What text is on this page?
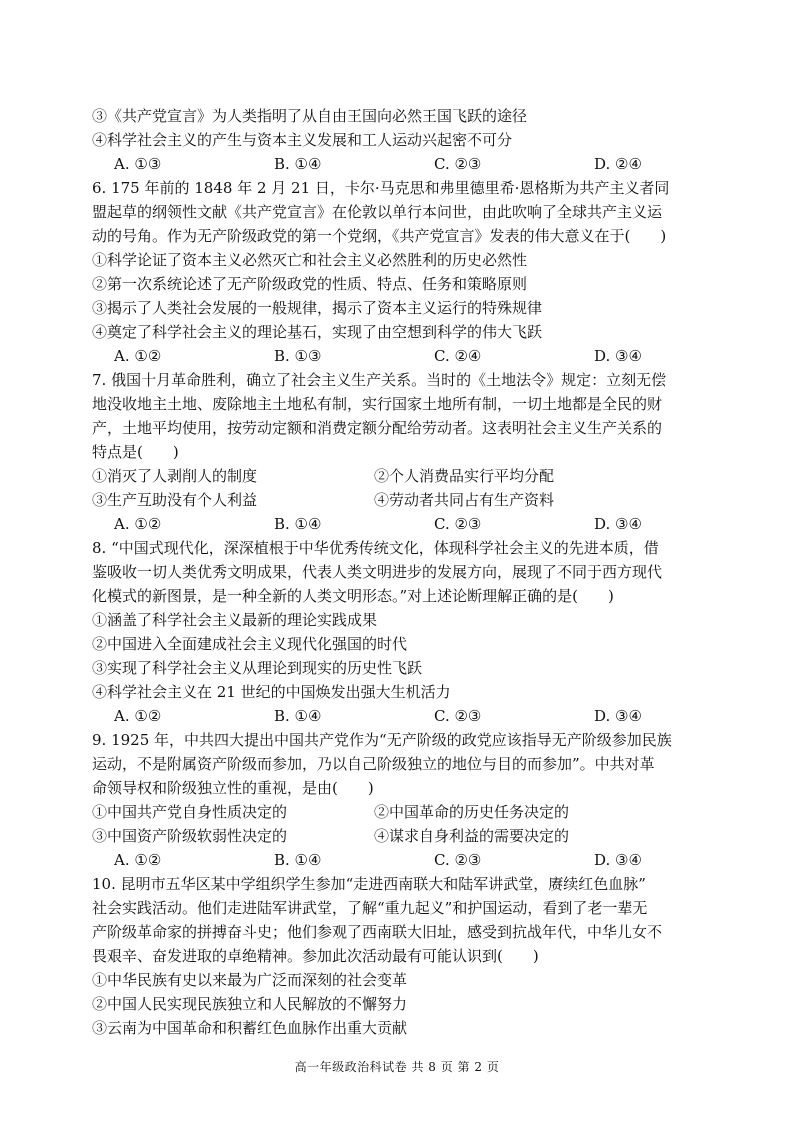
③《共产党宣言》为人类指明了从自由王国向必然王国飞跃的途径
④科学社会主义的产生与资本主义发展和工人运动兴起密不可分
A. ①③	B. ①④	C. ②③	D. ②④
6. 175 年前的 1848 年 2 月 21 日，卡尔·马克思和弗里德里希·恩格斯为共产主义者同
盟起草的纲领性文献《共产党宣言》在伦敦以单行本问世，由此吹响了全球共产主义运
动的号角。作为无产阶级政党的第一个党纲，《共产党宣言》发表的伟大意义在于(　　)
①科学论证了资本主义必然灭亡和社会主义必然胜利的历史必然性
②第一次系统论述了无产阶级政党的性质、特点、任务和策略原则
③揭示了人类社会发展的一般规律，揭示了资本主义运行的特殊规律
④奠定了科学社会主义的理论基石，实现了由空想到科学的伟大飞跃
A. ①②	B. ①③	C. ②④	D. ③④
7. 俄国十月革命胜利，确立了社会主义生产关系。当时的《土地法令》规定：立刻无偿
地没收地主土地、废除地主土地私有制，实行国家土地所有制，一切土地都是全民的财
产，土地平均使用，按劳动定额和消费定额分配给劳动者。这表明社会主义生产关系的
特点是(　　)
①消灭了人剥削人的制度	②个人消费品实行平均分配
③生产互助没有个人利益	④劳动者共同占有生产资料
A. ①②	B. ①④	C. ②③	D. ③④
8. “中国式现代化，深深植根于中华优秀传统文化，体现科学社会主义的先进本质，借
鉴吸收一切人类优秀文明成果，代表人类文明进步的发展方向，展现了不同于西方现代
化模式的新图景，是一种全新的人类文明形态。”对上述论断理解正确的是(　　)
①涵盖了科学社会主义最新的理论实践成果
②中国进入全面建成社会主义现代化强国的时代
③实现了科学社会主义从理论到现实的历史性飞跃
④科学社会主义在 21 世纪的中国焕发出强大生机活力
A. ①②	B. ①④	C. ②③	D. ③④
9. 1925 年，中共四大提出中国共产党作为“无产阶级的政党应该指导无产阶级参加民族
运动，不是附属资产阶级而参加，乃以自己阶级独立的地位与目的而参加”。中共对革
命领导权和阶级独立性的重视，是由(　　)
①中国共产党自身性质决定的	②中国革命的历史任务决定的
③中国资产阶级软弱性决定的	④谋求自身利益的需要决定的
A. ①②	B. ①④	C. ②③	D. ③④
10. 昆明市五华区某中学组织学生参加“走进西南联大和陆军讲武堂，赓续红色血脉”
社会实践活动。他们走进陆军讲武堂，了解“重九起义”和护国运动，看到了老一辈无
产阶级革命家的拼搏奋斗史；他们参观了西南联大旧址，感受到抗战年代，中华儿女不
畏艰辛、奋发进取的卓绝精神。参加此次活动最有可能认识到(　　)
①中华民族有史以来最为广泛而深刻的社会变革
②中国人民实现民族独立和人民解放的不懈努力
③云南为中国革命和积蓄红色血脉作出重大贡献
高一年级政治科试卷 共 8 页 第 2 页
